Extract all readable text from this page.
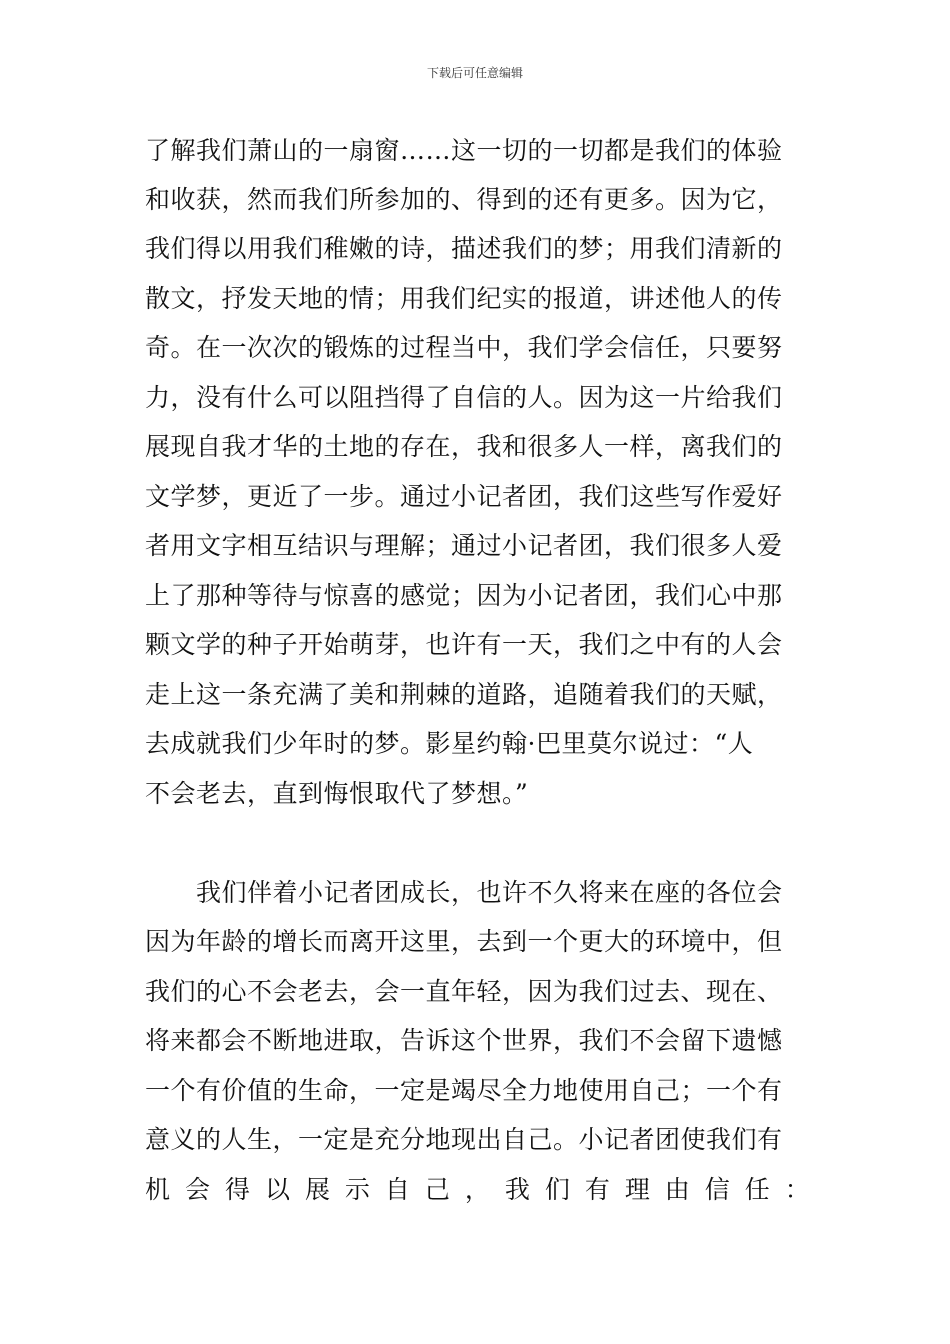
下载后可任意编辑
了解我们萧山的一扇窗……这一切的一切都是我们的体验
和收获，然而我们所参加的、得到的还有更多。因为它，
我们得以用我们稚嫩的诗，描述我们的梦；用我们清新的
散文，抒发天地的情；用我们纪实的报道，讲述他人的传
奇。在一次次的锻炼的过程当中，我们学会信任，只要努
力，没有什么可以阻挡得了自信的人。因为这一片给我们
展现自我才华的土地的存在，我和很多人一样，离我们的
文学梦，更近了一步。通过小记者团，我们这些写作爱好
者用文字相互结识与理解；通过小记者团，我们很多人爱
上了那种等待与惊喜的感觉；因为小记者团，我们心中那
颗文学的种子开始萌芽，也许有一天，我们之中有的人会
走上这一条充满了美和荆棘的道路，追随着我们的天赋，
去成就我们少年时的梦。影星约翰·巴里莫尔说过：“人
不会老去，直到悔恨取代了梦想。”
我们伴着小记者团成长，也许不久将来在座的各位会
因为年龄的增长而离开这里，去到一个更大的环境中，但
我们的心不会老去，会一直年轻，因为我们过去、现在、
将来都会不断地进取，告诉这个世界，我们不会留下遗憾
一个有价值的生命，一定是竭尽全力地使用自己；一个有
意义的人生，一定是充分地现出自己。小记者团使我们有
机 会 得 以 展 示 自 己 ， 我 们 有 理 由 信 任 ：
